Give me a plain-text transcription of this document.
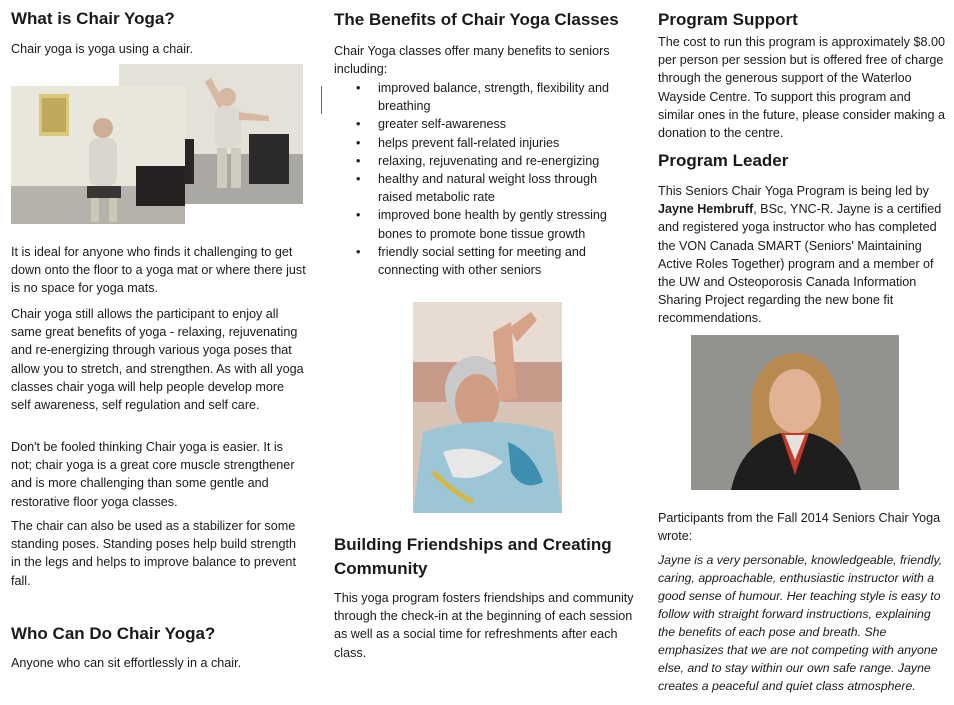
What is Chair Yoga?

Chair yoga is yoga using a chair.

It is ideal for anyone who finds it challenging to get down onto the floor to a yoga mat or where there just is no space for yoga mats.

Chair yoga still allows the participant to enjoy all same great benefits of yoga - relaxing, rejuvenating and re-energizing through various yoga poses that allow you to stretch, and strengthen. As with all yoga classes chair yoga will help people develop more self awareness, self regulation and self care.

Don't be fooled thinking Chair yoga is easier. It is not; chair yoga is a great core muscle strengthener and is more challenging than some gentle and restorative floor yoga classes.

The chair can also be used as a stabilizer for some standing poses. Standing poses help build strength in the legs and helps to improve balance to prevent fall.

Who Can Do Chair Yoga?

Anyone who can sit effortlessly in a chair.

The Benefits of Chair Yoga Classes

Chair Yoga classes offer many benefits to seniors including:

• improved balance, strength, flexibility and breathing
• greater self-awareness
• helps prevent fall-related injuries
• relaxing, rejuvenating and re-energizing
• healthy and natural weight loss through raised metabolic rate
• improved bone health by gently stressing bones to promote bone tissue growth
• friendly social setting for meeting and connecting with other seniors
Building Friendships and Creating Community

This yoga program fosters friendships and community through the check-in at the beginning of each session as well as a social time for refreshments after each class.

Program Support

The cost to run this program is approximately $8.00 per person per session but is offered free of charge through the generous support of the Waterloo Wayside Centre. To support this program and similar ones in the future, please consider making a donation to the centre.

Program Leader

This Seniors Chair Yoga Program is being led by Jayne Hembruff, BSc, YNC-R. Jayne is a certified and registered yoga instructor who has completed the VON Canada SMART (Seniors' Maintaining Active Roles Together) program and a member of the UW and Osteoporosis Canada Information Sharing Project regarding the new bone fit recommendations.

Participants from the Fall 2014 Seniors Chair Yoga wrote:

Jayne is a very personable, knowledgeable, friendly, caring, approachable, enthusiastic instructor with a good sense of humour. Her teaching style is easy to follow with straight forward instructions, explaining the benefits of each pose and breath. She emphasizes that we are not competing with anyone else, and to stay within our own safe range. Jayne creates a peaceful and quiet class atmosphere.
